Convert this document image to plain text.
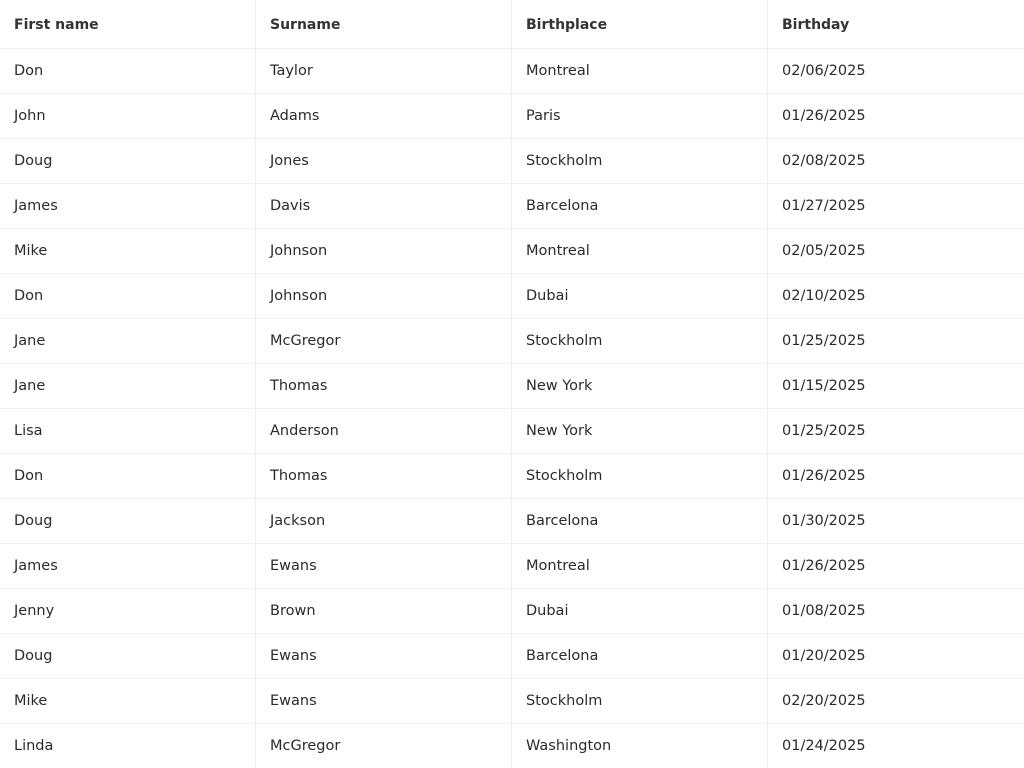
First name	Surname	Birthplace	Birthday
Don	Taylor	Montreal	02/06/2025
John	Adams	Paris	01/26/2025
Doug	Jones	Stockholm	02/08/2025
James	Davis	Barcelona	01/27/2025
Mike	Johnson	Montreal	02/05/2025
Don	Johnson	Dubai	02/10/2025
Jane	McGregor	Stockholm	01/25/2025
Jane	Thomas	New York	01/15/2025
Lisa	Anderson	New York	01/25/2025
Don	Thomas	Stockholm	01/26/2025
Doug	Jackson	Barcelona	01/30/2025
James	Ewans	Montreal	01/26/2025
Jenny	Brown	Dubai	01/08/2025
Doug	Ewans	Barcelona	01/20/2025
Mike	Ewans	Stockholm	02/20/2025
Linda	McGregor	Washington	01/24/2025
